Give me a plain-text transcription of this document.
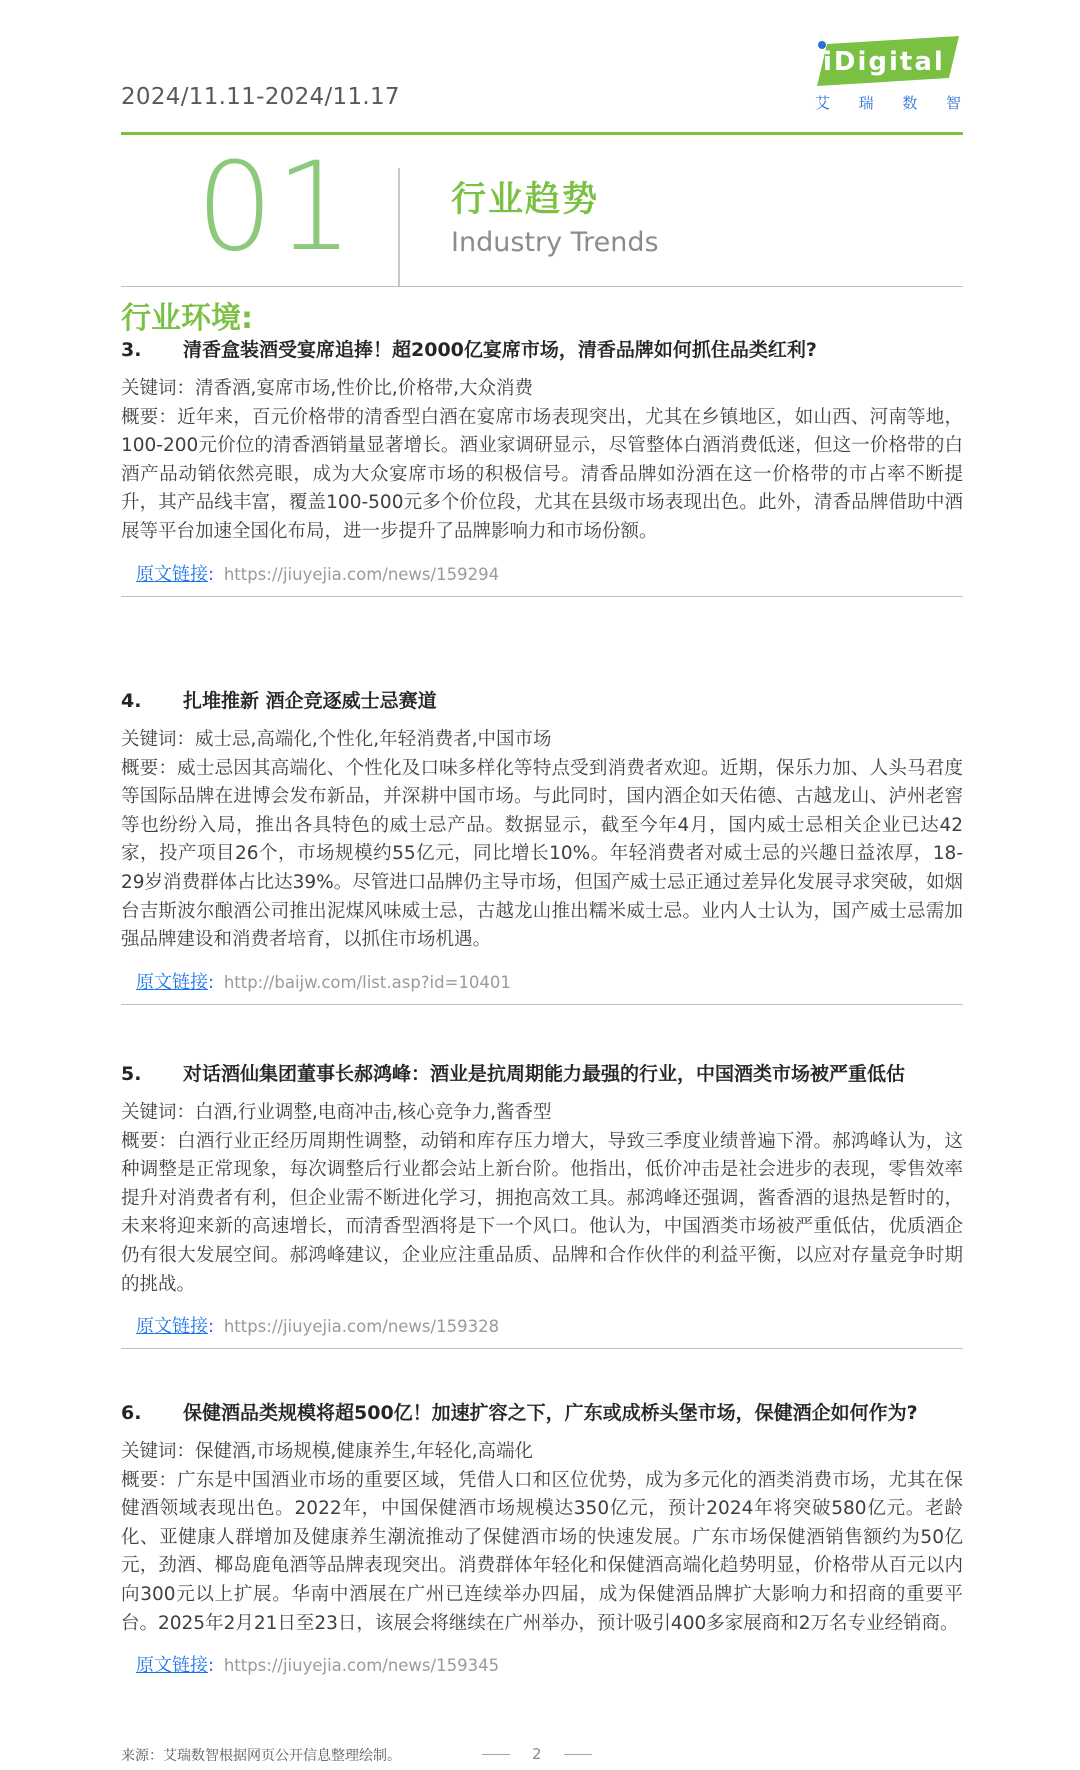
2024/11.11-2024/11.17
iDigital
艾 瑞 数 智
01	行业趋势
Industry Trends
行业环境:
3. 清香盒装酒受宴席追捧！超2000亿宴席市场，清香品牌如何抓住品类红利?
关键词：清香酒,宴席市场,性价比,价格带,大众消费

概要：近年来，百元价格带的清香型白酒在宴席市场表现突出，尤其在乡镇地区，如山西、河南等地，100-200元价位的清香酒销量显著增长。酒业家调研显示，尽管整体白酒消费低迷，但这一价格带的白酒产品动销依然亮眼，成为大众宴席市场的积极信号。清香品牌如汾酒在这一价格带的市占率不断提升，其产品线丰富，覆盖100-500元多个价位段，尤其在县级市场表现出色。此外，清香品牌借助中酒展等平台加速全国化布局，进一步提升了品牌影响力和市场份额。

原文链接: https://jiuyejia.com/news/159294
4. 扎堆推新 酒企竞逐威士忌赛道
关键词：威士忌,高端化,个性化,年轻消费者,中国市场

概要：威士忌因其高端化、个性化及口味多样化等特点受到消费者欢迎。近期，保乐力加、人头马君度等国际品牌在进博会发布新品，并深耕中国市场。与此同时，国内酒企如天佑德、古越龙山、泸州老窖等也纷纷入局，推出各具特色的威士忌产品。数据显示，截至今年4月，国内威士忌相关企业已达42家，投产项目26个，市场规模约55亿元，同比增长10%。年轻消费者对威士忌的兴趣日益浓厚，18-29岁消费群体占比达39%。尽管进口品牌仍主导市场，但国产威士忌正通过差异化发展寻求突破，如烟台吉斯波尔酿酒公司推出泥煤风味威士忌，古越龙山推出糯米威士忌。业内人士认为，国产威士忌需加强品牌建设和消费者培育，以抓住市场机遇。

原文链接: http://baijw.com/list.asp?id=10401
5. 对话酒仙集团董事长郝鸿峰：酒业是抗周期能力最强的行业，中国酒类市场被严重低估
关键词：白酒,行业调整,电商冲击,核心竞争力,酱香型

概要：白酒行业正经历周期性调整，动销和库存压力增大，导致三季度业绩普遍下滑。郝鸿峰认为，这种调整是正常现象，每次调整后行业都会站上新台阶。他指出，低价冲击是社会进步的表现，零售效率提升对消费者有利，但企业需不断进化学习，拥抱高效工具。郝鸿峰还强调，酱香酒的退热是暂时的，未来将迎来新的高速增长，而清香型酒将是下一个风口。他认为，中国酒类市场被严重低估，优质酒企仍有很大发展空间。郝鸿峰建议，企业应注重品质、品牌和合作伙伴的利益平衡，以应对存量竞争时期的挑战。

原文链接: https://jiuyejia.com/news/159328
6. 保健酒品类规模将超500亿！加速扩容之下，广东或成桥头堡市场，保健酒企如何作为?
关键词：保健酒,市场规模,健康养生,年轻化,高端化

概要：广东是中国酒业市场的重要区域，凭借人口和区位优势，成为多元化的酒类消费市场，尤其在保健酒领域表现出色。2022年，中国保健酒市场规模达350亿元，预计2024年将突破580亿元。老龄化、亚健康人群增加及健康养生潮流推动了保健酒市场的快速发展。广东市场保健酒销售额约为50亿元，劲酒、椰岛鹿龟酒等品牌表现突出。消费群体年轻化和保健酒高端化趋势明显，价格带从百元以内向300元以上扩展。华南中酒展在广州已连续举办四届，成为保健酒品牌扩大影响力和招商的重要平台。2025年2月21日至23日，该展会将继续在广州举办，预计吸引400多家展商和2万名专业经销商。

原文链接: https://jiuyejia.com/news/159345
来源：艾瑞数智根据网页公开信息整理绘制。	2
